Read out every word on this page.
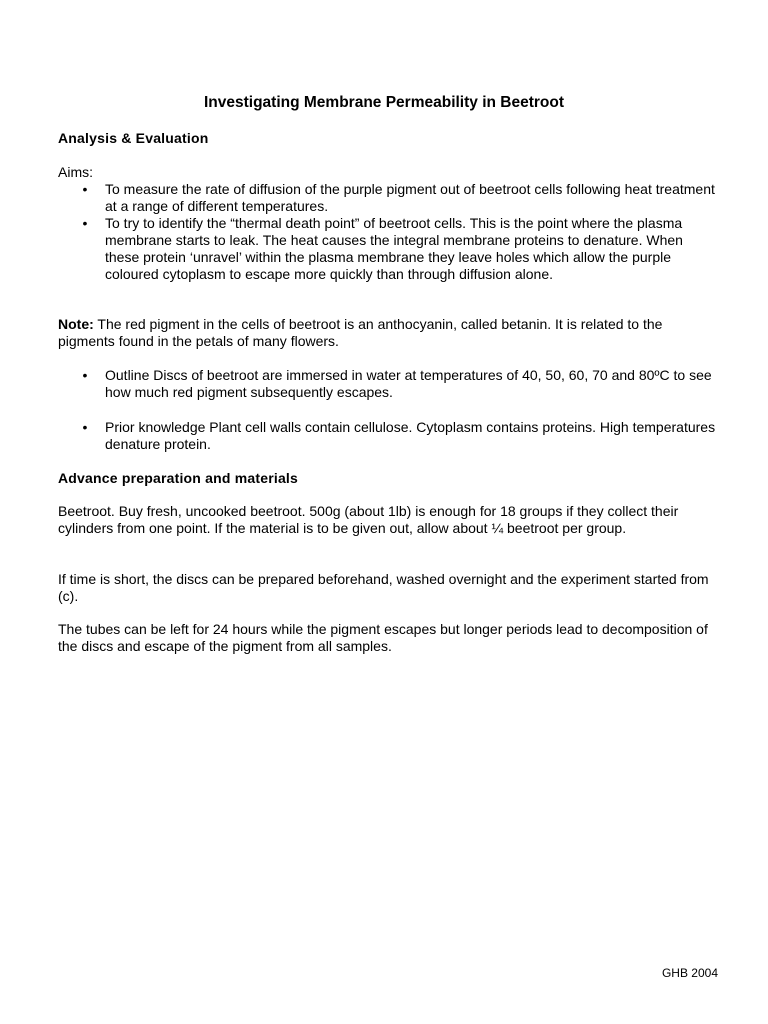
Investigating Membrane Permeability in Beetroot
Analysis & Evaluation

Aims:

• To measure the rate of diffusion of the purple pigment out of beetroot cells following heat treatment at a range of different temperatures.
• To try to identify the “thermal death point” of beetroot cells. This is the point where the plasma membrane starts to leak. The heat causes the integral membrane proteins to denature. When these protein ‘unravel’ within the plasma membrane they leave holes which allow the purple coloured cytoplasm to escape more quickly than through diffusion alone.

Note: The red pigment in the cells of beetroot is an anthocyanin, called betanin. It is related to the pigments found in the petals of many flowers.

• Outline Discs of beetroot are immersed in water at temperatures of 40, 50, 60, 70 and 80ºC to see how much red pigment subsequently escapes.
• Prior knowledge Plant cell walls contain cellulose. Cytoplasm contains proteins. High temperatures denature protein.
Advance preparation and materials

Beetroot. Buy fresh, uncooked beetroot. 500g (about 1lb) is enough for 18 groups if they collect their cylinders from one point. If the material is to be given out, allow about ¼ beetroot per group.

If time is short, the discs can be prepared beforehand, washed overnight and the experiment started from (c).

The tubes can be left for 24 hours while the pigment escapes but longer periods lead to decomposition of the discs and escape of the pigment from all samples.

GHB 2004
